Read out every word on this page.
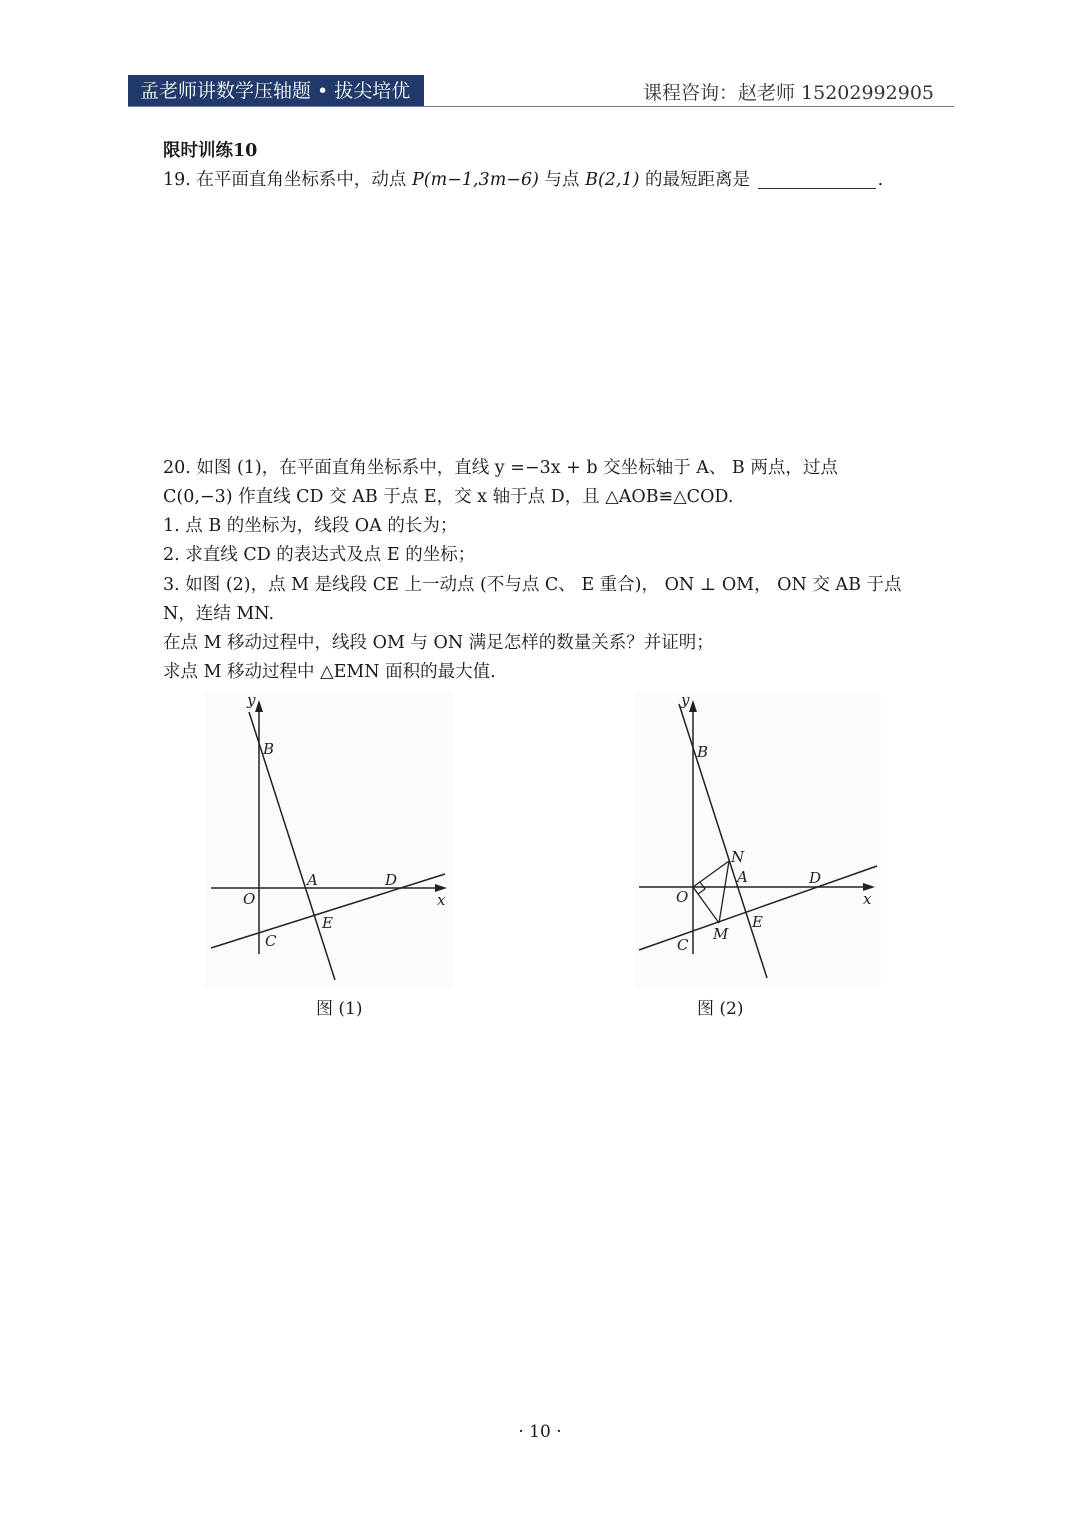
孟老师讲数学压轴题 • 拔尖培优	课程咨询：赵老师 15202992905
限时训练10
19. 在平面直角坐标系中，动点 P(m−1,3m−6) 与点 B(2,1) 的最短距离是	.
20. 如图 (1)，在平面直角坐标系中，直线 y =−3x + b 交坐标轴于 A、 B 两点，过点
C(0,−3) 作直线 CD 交 AB 于点 E，交 x 轴于点 D，且 △AOB≌△COD.
1. 点 B 的坐标为，线段 OA 的长为；
2. 求直线 CD 的表达式及点 E 的坐标；
3. 如图 (2)，点 M 是线段 CE 上一动点 (不与点 C、 E 重合)， ON ⊥ OM， ON 交 AB 于点
N，连结 MN.
在点 M 移动过程中，线段 OM 与 ON 满足怎样的数量关系？并证明；
求点 M 移动过程中 △EMN 面积的最大值.
y
x
B
A	D
O
E
C
图 (1)
y
x
B
N
A	D
O
E
M
C
图 (2)
· 10 ·
